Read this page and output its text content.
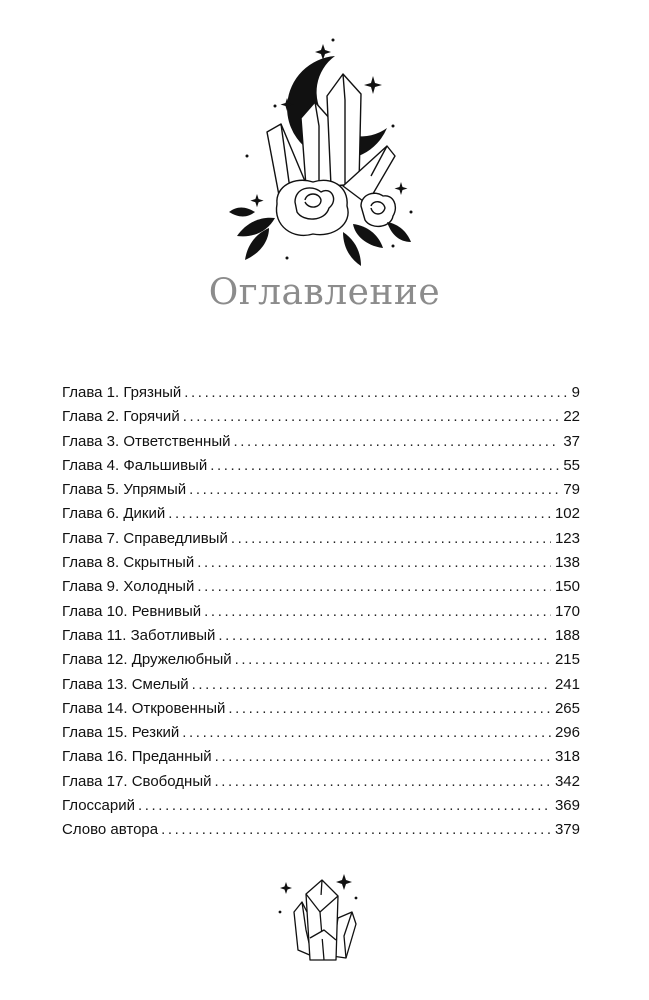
Оглавление
Глава 1. Грязный .....	9
Глава 2. Горячий .....	22
Глава 3. Ответственный .....	37
Глава 4. Фальшивый .....	55
Глава 5. Упрямый .....	79
Глава 6. Дикий .....	102
Глава 7. Справедливый .....	123
Глава 8. Скрытный .....	138
Глава 9. Холодный .....	150
Глава 10. Ревнивый .....	170
Глава 11. Заботливый .....	188
Глава 12. Дружелюбный .....	215
Глава 13. Смелый .....	241
Глава 14. Откровенный .....	265
Глава 15. Резкий .....	296
Глава 16. Преданный .....	318
Глава 17. Свободный .....	342
Глоссарий .....	369
Слово автора .....	379
